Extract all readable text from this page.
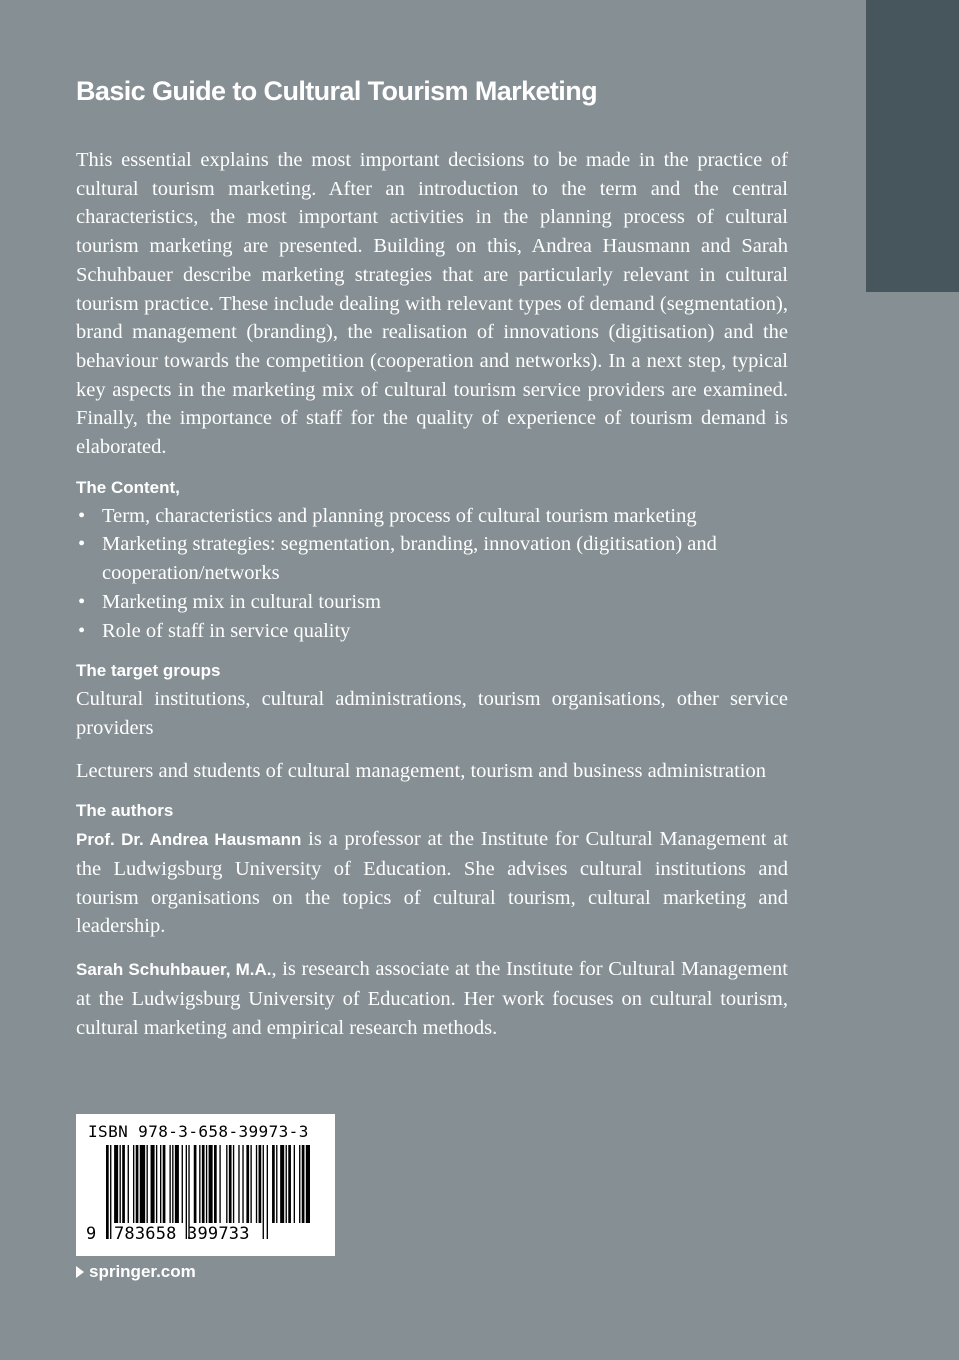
Basic Guide to Cultural Tourism Marketing

This essential explains the most important decisions to be made in the practice of cultural tourism marketing. After an introduction to the term and the central characteristics, the most important activities in the planning process of cultural tourism marketing are presented. Building on this, Andrea Hausmann and Sarah Schuhbauer describe marketing strategies that are particularly relevant in cultural tourism practice. These include dealing with relevant types of demand (segmentation), brand management (branding), the realisation of innovations (digitisation) and the behaviour towards the competition (cooperation and networks). In a next step, typical key aspects in the marketing mix of cultural tourism service providers are examined. Finally, the importance of staff for the quality of experience of tourism demand is elaborated.

The Content,
• Term, characteristics and planning process of cultural tourism marketing
• Marketing strategies: segmentation, branding, innovation (digitisation) and cooperation/networks
• Marketing mix in cultural tourism
• Role of staff in service quality
The target groups

Cultural institutions, cultural administrations, tourism organisations, other service providers

Lecturers and students of cultural management, tourism and business administration

The authors

Prof. Dr. Andrea Hausmann is a professor at the Institute for Cultural Management at the Ludwigsburg University of Education. She advises cultural institutions and tourism organisations on the topics of cultural tourism, cultural marketing and leadership.

Sarah Schuhbauer, M.A., is research associate at the Institute for Cultural Management at the Ludwigsburg University of Education. Her work focuses on cultural tourism, cultural marketing and empirical research methods.

ISBN 978-3-658-39973-3
9 783658 399733
springer.com
